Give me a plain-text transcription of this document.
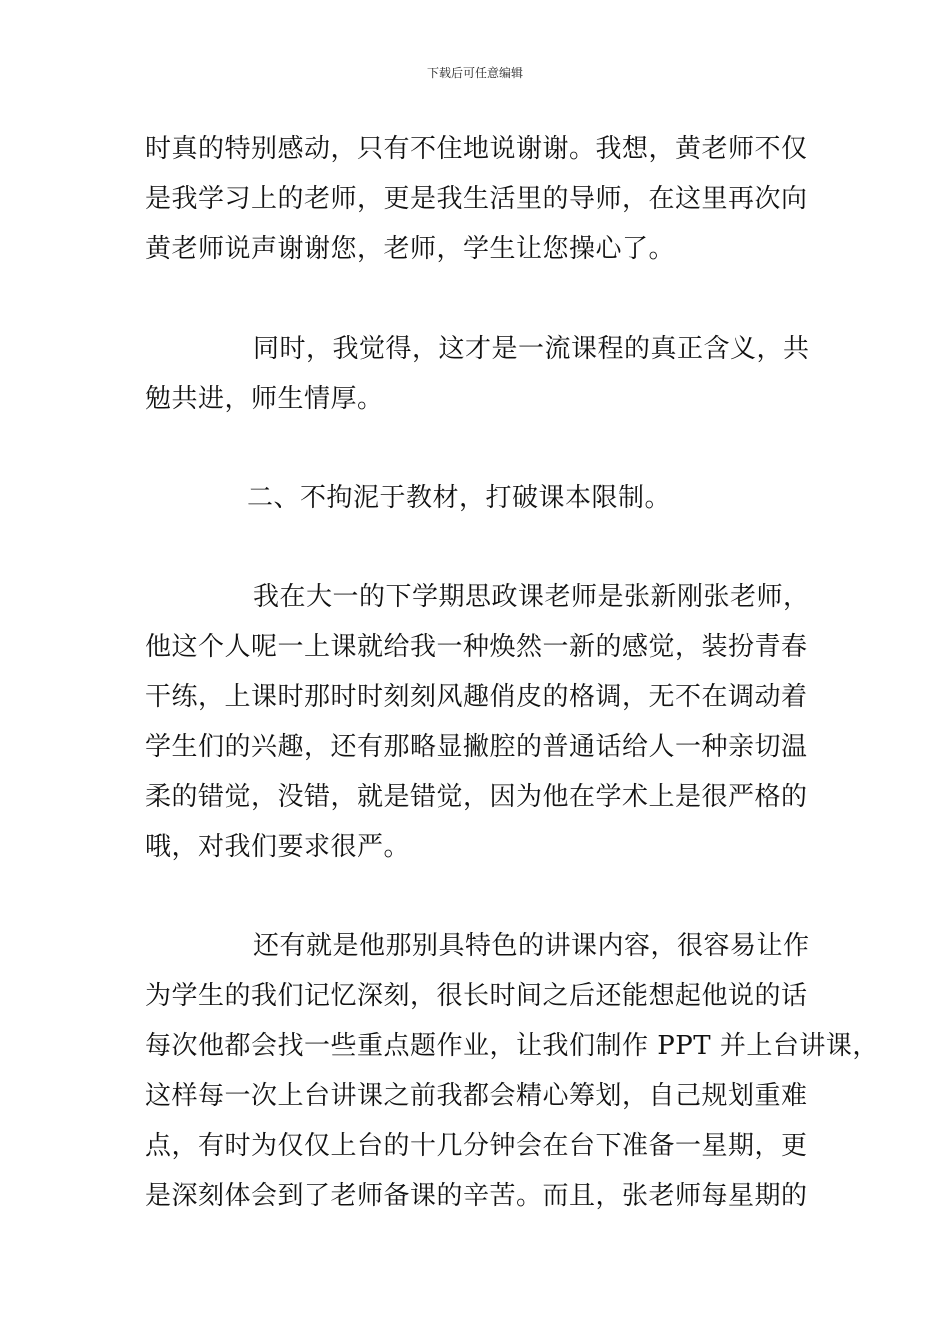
下载后可任意编辑
时真的特别感动，只有不住地说谢谢。我想，黄老师不仅
是我学习上的老师，更是我生活里的导师，在这里再次向
黄老师说声谢谢您，老师，学生让您操心了。
同时，我觉得，这才是一流课程的真正含义，共
勉共进，师生情厚。
二、不拘泥于教材，打破课本限制。
我在大一的下学期思政课老师是张新刚张老师，
他这个人呢一上课就给我一种焕然一新的感觉，装扮青春
干练，上课时那时时刻刻风趣俏皮的格调，无不在调动着
学生们的兴趣，还有那略显撇腔的普通话给人一种亲切温
柔的错觉，没错，就是错觉，因为他在学术上是很严格的
哦，对我们要求很严。
还有就是他那别具特色的讲课内容，很容易让作
为学生的我们记忆深刻，很长时间之后还能想起他说的话
每次他都会找一些重点题作业，让我们制作 PPT 并上台讲课，
这样每一次上台讲课之前我都会精心筹划，自己规划重难
点，有时为仅仅上台的十几分钟会在台下准备一星期，更
是深刻体会到了老师备课的辛苦。而且，张老师每星期的
